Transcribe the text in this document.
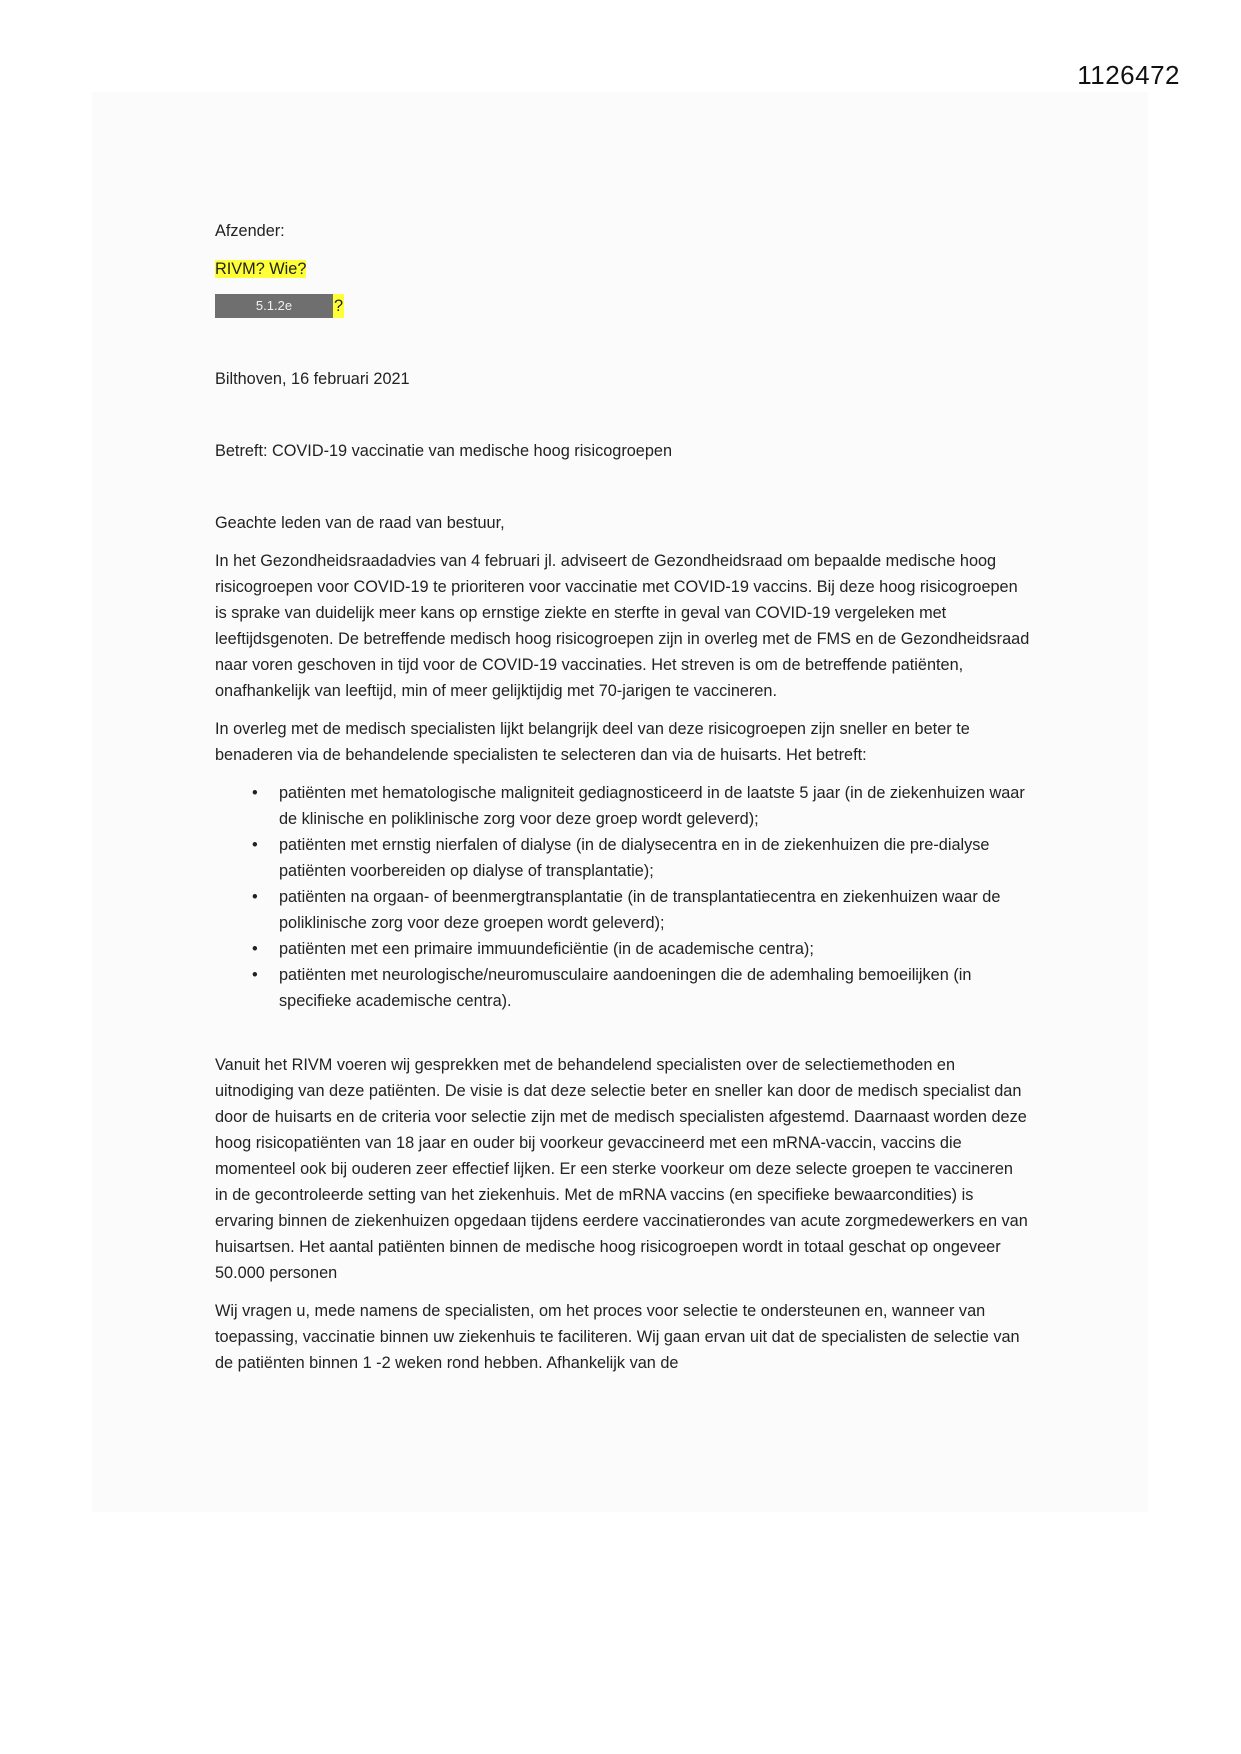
1126472

Afzender:

RIVM? Wie?

5.1.2e	?

Bilthoven, 16 februari 2021

Betreft: COVID-19 vaccinatie van medische hoog risicogroepen

Geachte leden van de raad van bestuur,

In het Gezondheidsraadadvies van 4 februari jl. adviseert de Gezondheidsraad om bepaalde medische hoog risicogroepen voor COVID-19 te prioriteren voor vaccinatie met COVID-19 vaccins. Bij deze hoog risicogroepen is sprake van duidelijk meer kans op ernstige ziekte en sterfte in geval van COVID-19 vergeleken met leeftijdsgenoten. De betreffende medisch hoog risicogroepen zijn in overleg met de FMS en de Gezondheidsraad naar voren geschoven in tijd voor de COVID-19 vaccinaties. Het streven is om de betreffende patiënten, onafhankelijk van leeftijd, min of meer gelijktijdig met 70-jarigen te vaccineren.

In overleg met de medisch specialisten lijkt belangrijk deel van deze risicogroepen zijn sneller en beter te benaderen via de behandelende specialisten te selecteren dan via de huisarts. Het betreft:

• patiënten met hematologische maligniteit gediagnosticeerd in de laatste 5 jaar (in de ziekenhuizen waar de klinische en poliklinische zorg voor deze groep wordt geleverd);
• patiënten met ernstig nierfalen of dialyse (in de dialysecentra en in de ziekenhuizen die pre-dialyse patiënten voorbereiden op dialyse of transplantatie);
• patiënten na orgaan- of beenmergtransplantatie (in de transplantatiecentra en ziekenhuizen waar de poliklinische zorg voor deze groepen wordt geleverd);
• patiënten met een primaire immuundeficiëntie (in de academische centra);
• patiënten met neurologische/neuromusculaire aandoeningen die de ademhaling bemoeilijken (in specifieke academische centra).

Vanuit het RIVM voeren wij gesprekken met de behandelend specialisten over de selectiemethoden en uitnodiging van deze patiënten. De visie is dat deze selectie beter en sneller kan door de medisch specialist dan door de huisarts en de criteria voor selectie zijn met de medisch specialisten afgestemd. Daarnaast worden deze hoog risicopatiënten van 18 jaar en ouder bij voorkeur gevaccineerd met een mRNA-vaccin, vaccins die momenteel ook bij ouderen zeer effectief lijken. Er een sterke voorkeur om deze selecte groepen te vaccineren in de gecontroleerde setting van het ziekenhuis. Met de mRNA vaccins (en specifieke bewaarcondities) is ervaring binnen de ziekenhuizen opgedaan tijdens eerdere vaccinatierondes van acute zorgmedewerkers en van huisartsen. Het aantal patiënten binnen de medische hoog risicogroepen wordt in totaal geschat op ongeveer 50.000 personen

Wij vragen u, mede namens de specialisten, om het proces voor selectie te ondersteunen en, wanneer van toepassing, vaccinatie binnen uw ziekenhuis te faciliteren. Wij gaan ervan uit dat de specialisten de selectie van de patiënten binnen 1 -2 weken rond hebben. Afhankelijk van de
